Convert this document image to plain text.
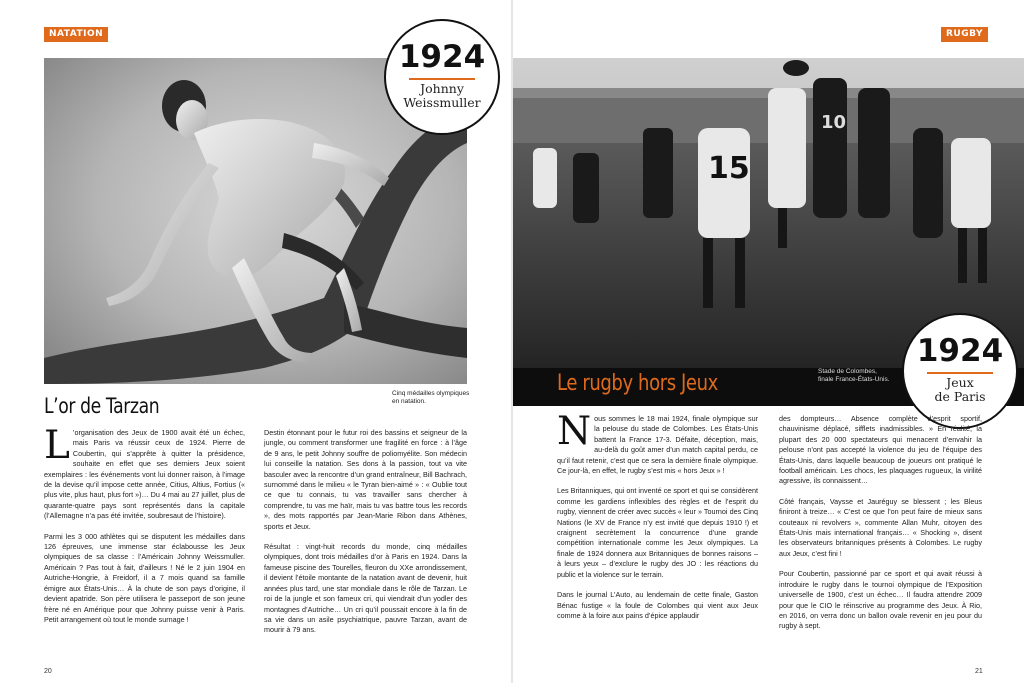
NATATION
1924
Johnny
Weissmuller
Cinq médailles olympiques
en natation.
L’or de Tarzan

L ’organisation des Jeux de 1900 avait été un échec, mais Paris va réussir ceux de 1924. Pierre de Coubertin, qui s’apprête à quitter la présidence, souhaite en effet que ses derniers Jeux soient exemplaires : les événements vont lui donner raison, à l’image de la devise qu’il impose cette année, Citius, Altius, Fortius (« plus vite, plus haut, plus fort »)… Du 4 mai au 27 juillet, plus de quarante-quatre pays sont représentés dans la capitale (l’Allemagne n’a pas été invitée, soubresaut de l’histoire).

Parmi les 3 000 athlètes qui se disputent les médailles dans 126 épreuves, une immense star éclabousse les Jeux olympiques de sa classe : l’Américain Johnny Weissmuller. Américain ? Pas tout à fait, d’ailleurs ! Né le 2 juin 1904 en Autriche-Hongrie, à Freidorf, il a 7 mois quand sa famille émigre aux États-Unis… À la chute de son pays d’origine, il devient apatride. Son père utilisera le passeport de son jeune frère né en Amérique pour que Johnny puisse venir à Paris. Petit arrangement où tout le monde surnage !

Destin étonnant pour le futur roi des bassins et seigneur de la jungle, ou comment transformer une fragilité en force : à l’âge de 9 ans, le petit Johnny souffre de poliomyélite. Son médecin lui conseille la natation. Ses dons à la passion, tout va vite basculer avec la rencontre d’un grand entraîneur, Bill Bachrach, surnommé dans le milieu « le Tyran bien-aimé » : « Oublie tout ce que tu connais, tu vas travailler sans chercher à comprendre, tu vas me haïr, mais tu vas battre tous les records », des mots rapportés par Jean-Marie Ribon dans Athènes, sports et Jeux.

Résultat : vingt-huit records du monde, cinq médailles olympiques, dont trois médailles d’or à Paris en 1924. Dans la fameuse piscine des Tourelles, fleuron du XXe arrondissement, il devient l’étoile montante de la natation avant de devenir, huit années plus tard, une star mondiale dans le rôle de Tarzan. Le roi de la jungle et son fameux cri, qui viendrait d’un yodler des montagnes d’Autriche… Un cri qu’il poussait encore à la fin de sa vie dans un asile psychiatrique, pauvre Tarzan, avant de mourir à 79 ans.

20
RUGBY
15
10
Le rugby hors Jeux	Stade de Colombes,
finale France-États-Unis.
1924
Jeux
de Paris

Nous sommes le 18 mai 1924, finale olympique sur la pelouse du stade de Colombes. Les États-Unis battent la France 17-3. Défaite, déception, mais, au-delà du goût amer d’un match capital perdu, ce qu’il faut retenir, c’est que ce sera la dernière finale olympique. Ce jour-là, en effet, le rugby s’est mis « hors Jeux » !

Les Britanniques, qui ont inventé ce sport et qui se considèrent comme les gardiens inflexibles des règles et de l’esprit du rugby, viennent de créer avec succès « leur » Tournoi des Cinq Nations (le XV de France n’y est invité que depuis 1910 !) et craignent secrètement la concurrence d’une grande compétition internationale comme les Jeux olympiques. La finale de 1924 donnera aux Britanniques de bonnes raisons – à leurs yeux – d’exclure le rugby des JO : les réactions du public et la violence sur le terrain.

Dans le journal L’Auto, au lendemain de cette finale, Gaston Bénac fustige « la foule de Colombes qui vient aux Jeux comme à la foire aux pains d’épice applaudir

des dompteurs… Absence complète d’esprit sportif, chauvinisme déplacé, sifflets inadmissibles. » En réalité, la plupart des 20 000 spectateurs qui menacent d’envahir la pelouse n’ont pas accepté la violence du jeu de l’équipe des États-Unis, dans laquelle beaucoup de joueurs ont pratiqué le football américain. Les chocs, les plaquages rugueux, la virilité agressive, ils connaissent…

Côté français, Vaysse et Jauréguy se blessent ; les Bleus finiront à treize… « C’est ce que l’on peut faire de mieux sans couteaux ni revolvers », commente Allan Muhr, citoyen des États-Unis mais international français… « Shocking », disent les observateurs britanniques présents à Colombes. Le rugby aux Jeux, c’est fini !

Pour Coubertin, passionné par ce sport et qui avait réussi à introduire le rugby dans le tournoi olympique de l’Exposition universelle de 1900, c’est un échec… Il faudra attendre 2009 pour que le CIO le réinscrive au programme des Jeux. À Rio, en 2016, on verra donc un ballon ovale revenir en jeu pour du rugby à sept.

21
